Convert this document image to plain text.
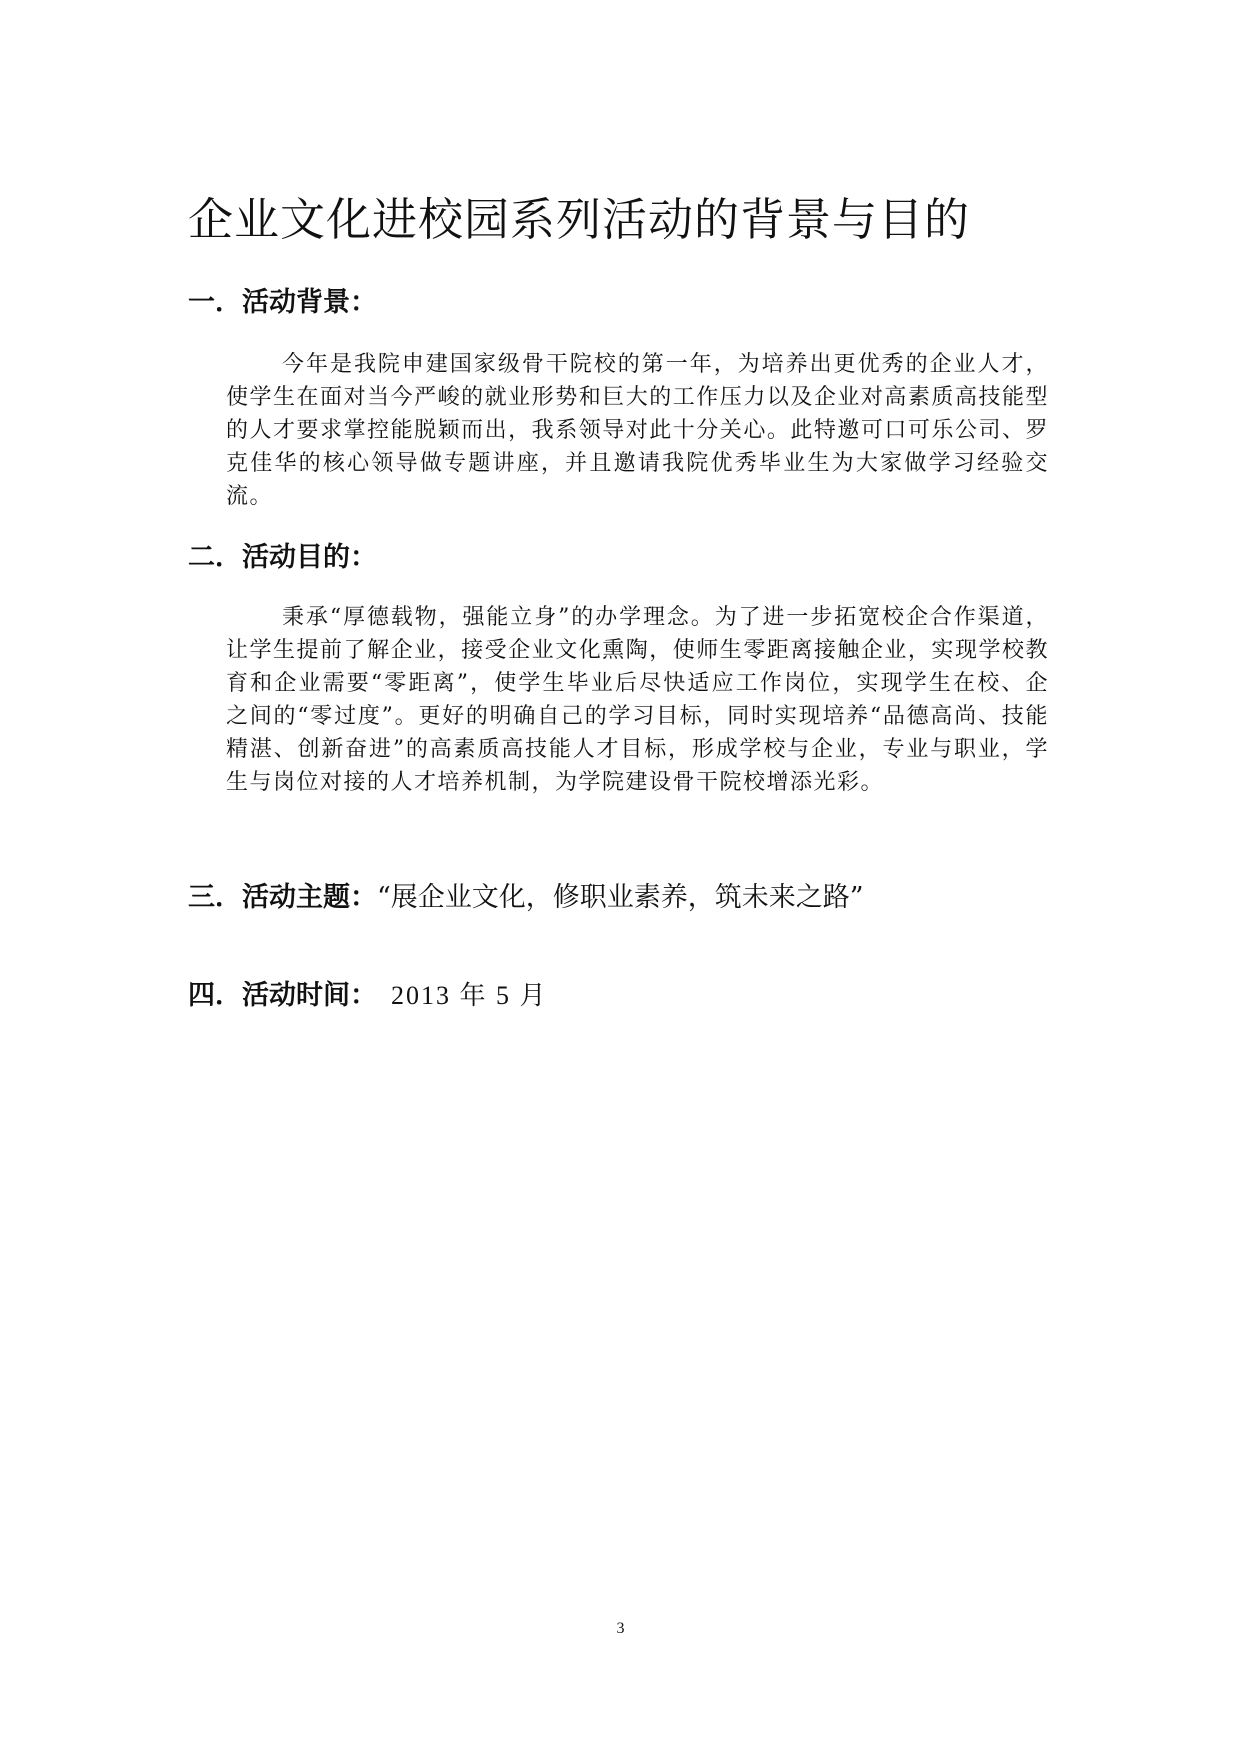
企业文化进校园系列活动的背景与目的
一．活动背景：

今年是我院申建国家级骨干院校的第一年，为培养出更优秀的企业人才，使学生在面对当今严峻的就业形势和巨大的工作压力以及企业对高素质高技能型的人才要求掌控能脱颖而出，我系领导对此十分关心。此特邀可口可乐公司、罗克佳华的核心领导做专题讲座，并且邀请我院优秀毕业生为大家做学习经验交流。

二．活动目的：

秉承“厚德载物，强能立身”的办学理念。为了进一步拓宽校企合作渠道，让学生提前了解企业，接受企业文化熏陶，使师生零距离接触企业，实现学校教育和企业需要“零距离”，使学生毕业后尽快适应工作岗位，实现学生在校、企之间的“零过度”。更好的明确自己的学习目标，同时实现培养“品德高尚、技能精湛、创新奋进”的高素质高技能人才目标，形成学校与企业，专业与职业，学生与岗位对接的人才培养机制，为学院建设骨干院校增添光彩。

三．活动主题：“展企业文化，修职业素养，筑未来之路”
四．活动时间： 2013 年 5 月
3
